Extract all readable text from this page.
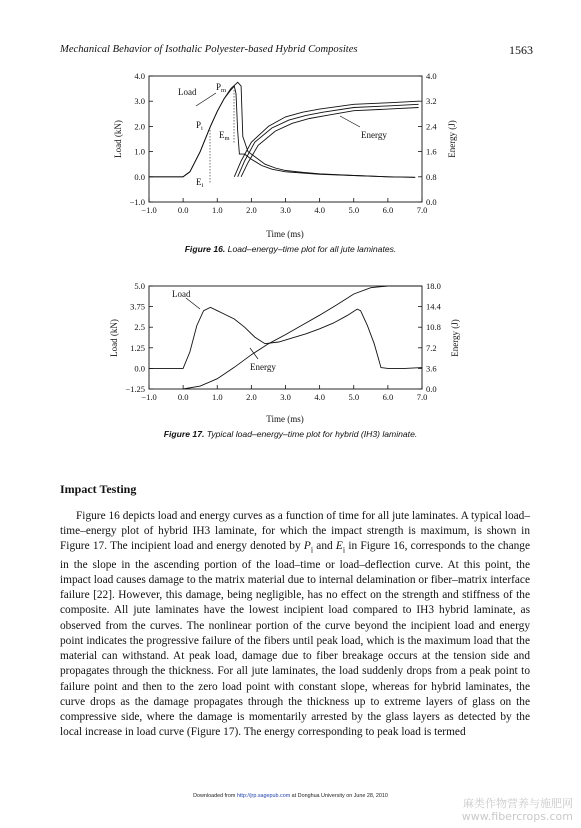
Mechanical Behavior of Isothalic Polyester-based Hybrid Composites	1563
−1.0 0.0	1.0	2.0	3.0	4.0	5.0	6.0	7.0
4.0
3.0
2.0
1.0
0.0
−1.0
4.0
3.2
2.4
1.6
0.8
0.0
Load $P_m$
$P_i$
$E_m$
$E_i$
Energy
Time (ms)
Load (kN)	Energy (J)
Figure 16. Load–energy–time plot for all jute laminates.
−1.0 0.0	1.0	2.0	3.0	4.0	5.0	6.0	7.0
5.0
3.75
2.5
1.25
0.0
−1.25
18.0
14.4
10.8
7.2
3.6
0.0
Load
Energy
Time (ms)
Load (kN)	Energy (J)
Figure 17. Typical load–energy–time plot for hybrid (IH3) laminate.
Impact Testing

Figure 16 depicts load and energy curves as a function of time for all jute laminates. A typical load–time–energy plot of hybrid IH3 laminate, for which the impact strength is maximum, is shown in Figure 17. The incipient load and energy denoted by $P_i$ and $E_i$ in Figure 16, corresponds to the change in the slope in the ascending portion of the load–time or load–deflection curve. At this point, the impact load causes damage to the matrix material due to internal delamination or fiber–matrix interface failure [22]. However, this damage, being negligible, has no effect on the strength and stiffness of the composite. All jute laminates have the lowest incipient load compared to IH3 hybrid laminate, as observed from the curves. The nonlinear portion of the curve beyond the incipient load and energy point indicates the progressive failure of the fibers until peak load, which is the maximum load that the material can withstand. At peak load, damage due to fiber breakage occurs at the tension side and propagates through the thickness. For all jute laminates, the load suddenly drops from a peak point to failure point and then to the zero load point with constant slope, whereas for hybrid laminates, the curve drops as the damage propagates through the thickness up to extreme layers of glass on the compressive side, where the damage is momentarily arrested by the glass layers as detected by the local increase in load curve (Figure 17). The energy corresponding to peak load is termed

Downloaded from http://jrp.sagepub.com at Donghua University on June 28, 2010
麻类作物营养与施肥网
www.fibercrops.com
